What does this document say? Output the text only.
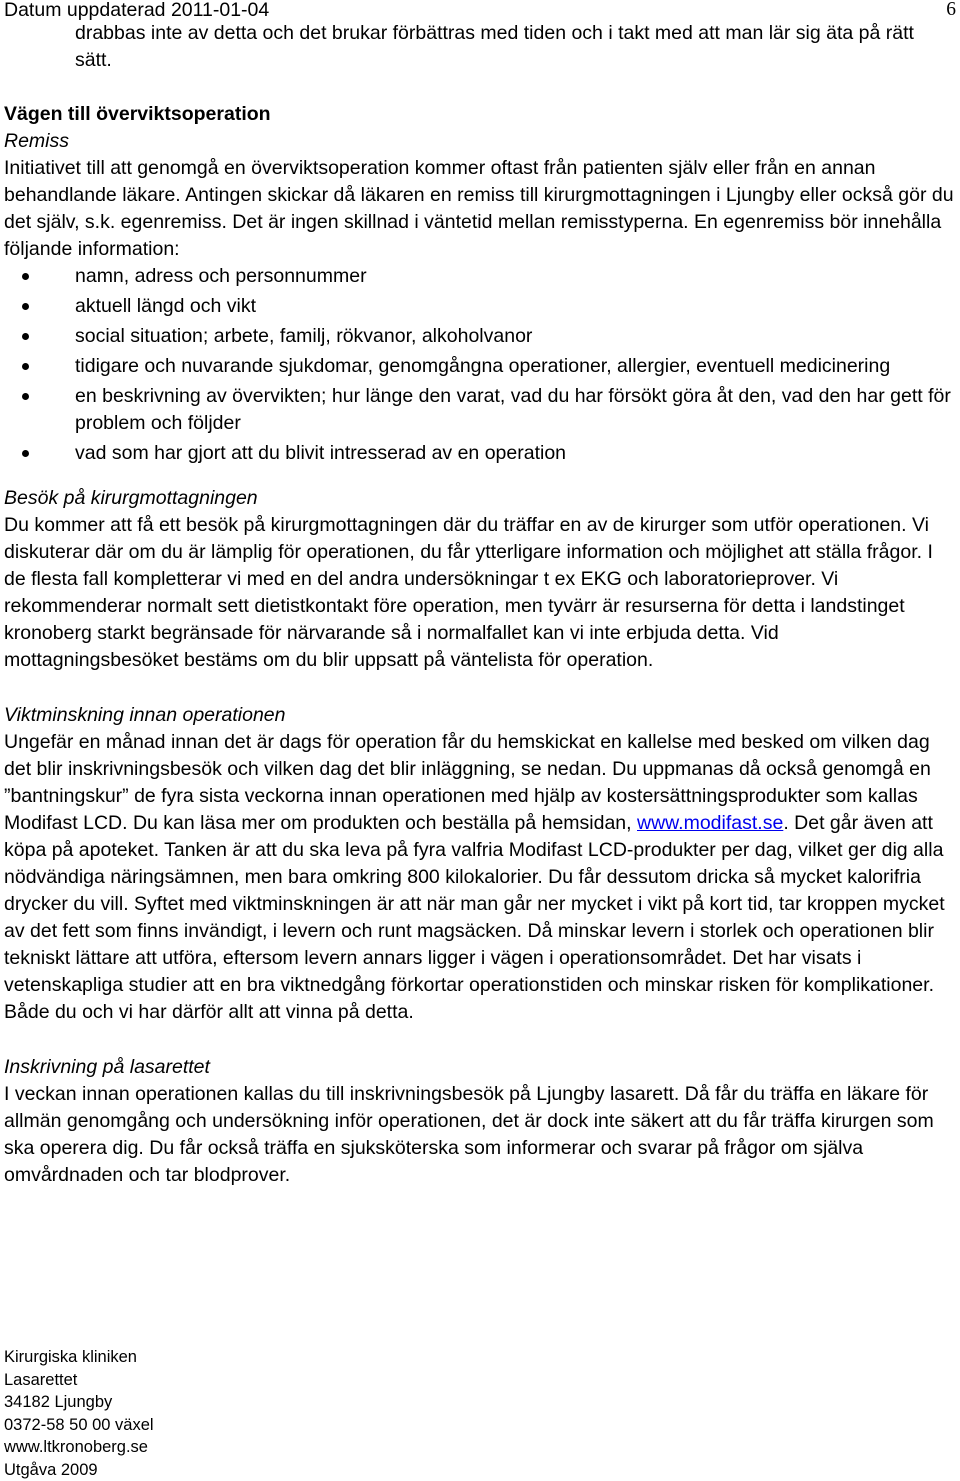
Datum uppdaterad 2011-01-04	6

drabbas inte av detta och det brukar förbättras med tiden och i takt med att man lär sig äta på rätt sätt.

Vägen till överviktsoperation

Remiss

Initiativet till att genomgå en överviktsoperation kommer oftast från patienten själv eller från en annan behandlande läkare. Antingen skickar då läkaren en remiss till kirurgmottagningen i Ljungby eller också gör du det själv, s.k. egenremiss. Det är ingen skillnad i väntetid mellan remisstyperna. En egenremiss bör innehålla följande information:

namn, adress och personnummer
aktuell längd och vikt
social situation; arbete, familj, rökvanor, alkoholvanor
tidigare och nuvarande sjukdomar, genomgångna operationer, allergier, eventuell medicinering
en beskrivning av övervikten; hur länge den varat, vad du har försökt göra åt den, vad den har gett för problem och följder
vad som har gjort att du blivit intresserad av en operation

Besök på kirurgmottagningen

Du kommer att få ett besök på kirurgmottagningen där du träffar en av de kirurger som utför operationen. Vi diskuterar där om du är lämplig för operationen, du får ytterligare information och möjlighet att ställa frågor. I de flesta fall kompletterar vi med en del andra undersökningar t ex EKG och laboratorieprover. Vi rekommenderar normalt sett dietistkontakt före operation, men tyvärr är resurserna för detta i landstinget kronoberg starkt begränsade för närvarande så i normalfallet kan vi inte erbjuda detta. Vid mottagningsbesöket bestäms om du blir uppsatt på väntelista för operation.

Viktminskning innan operationen

Ungefär en månad innan det är dags för operation får du hemskickat en kallelse med besked om vilken dag det blir inskrivningsbesök och vilken dag det blir inläggning, se nedan. Du uppmanas då också genomgå en ”bantningskur” de fyra sista veckorna innan operationen med hjälp av kostersättningsprodukter som kallas Modifast LCD. Du kan läsa mer om produkten och beställa på hemsidan, www.modifast.se. Det går även att köpa på apoteket. Tanken är att du ska leva på fyra valfria Modifast LCD-produkter per dag, vilket ger dig alla nödvändiga näringsämnen, men bara omkring 800 kilokalorier. Du får dessutom dricka så mycket kalorifria drycker du vill. Syftet med viktminskningen är att när man går ner mycket i vikt på kort tid, tar kroppen mycket av det fett som finns invändigt, i levern och runt magsäcken. Då minskar levern i storlek och operationen blir tekniskt lättare att utföra, eftersom levern annars ligger i vägen i operationsområdet. Det har visats i vetenskapliga studier att en bra viktnedgång förkortar operationstiden och minskar risken för komplikationer. Både du och vi har därför allt att vinna på detta.

Inskrivning på lasarettet

I veckan innan operationen kallas du till inskrivningsbesök på Ljungby lasarett. Då får du träffa en läkare för allmän genomgång och undersökning inför operationen, det är dock inte säkert att du får träffa kirurgen som ska operera dig. Du får också träffa en sjuksköterska som informerar och svarar på frågor om själva omvårdnaden och tar blodprover.

Kirurgiska kliniken
Lasarettet
34182 Ljungby
0372-58 50 00 växel
www.ltkronoberg.se
Utgåva 2009
